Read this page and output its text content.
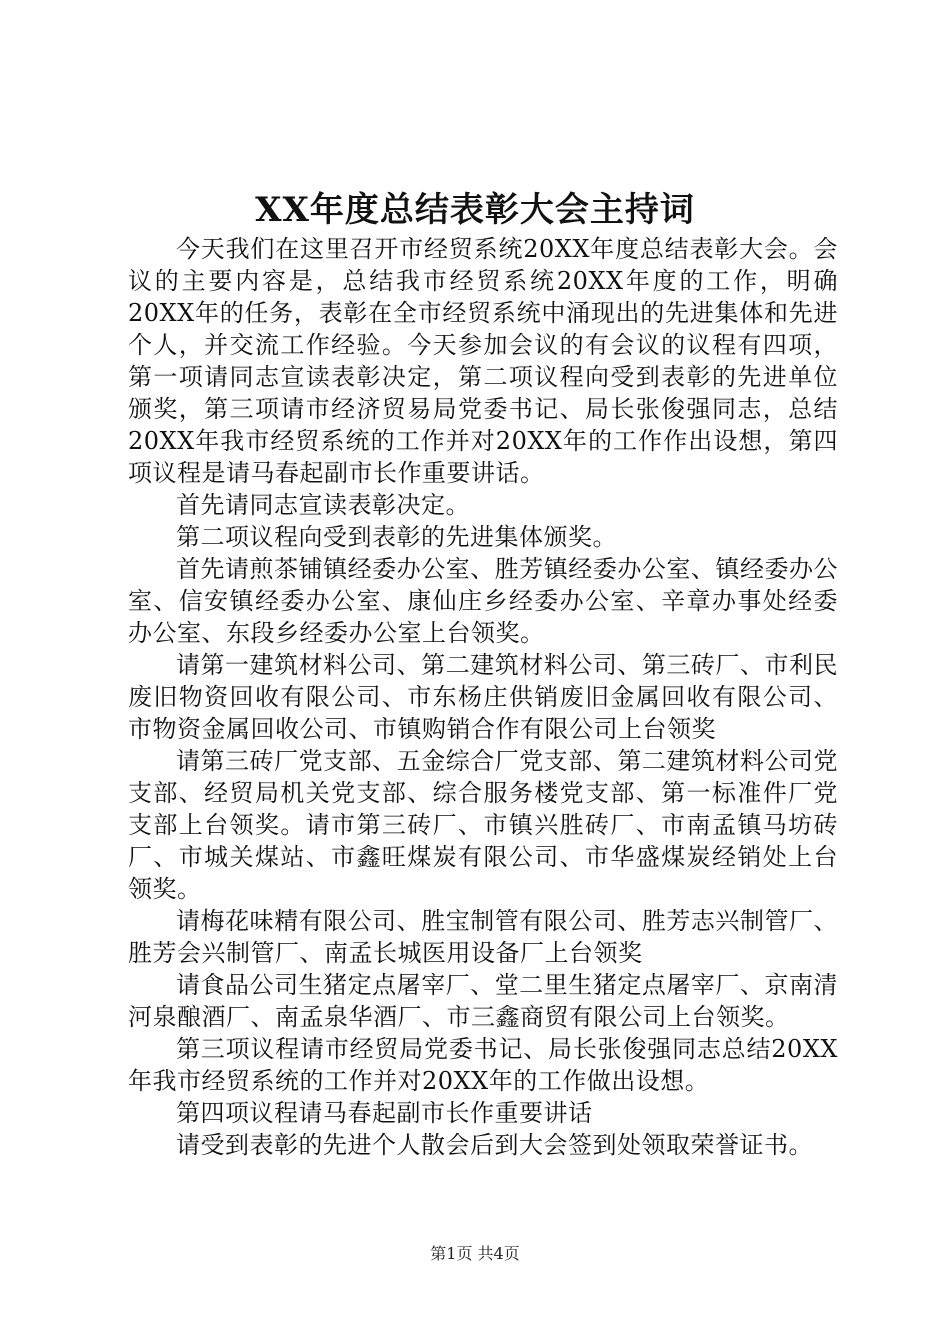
XX年度总结表彰大会主持词

今天我们在这里召开市经贸系统20XX年度总结表彰大会。会议的主要内容是，总结我市经贸系统20XX年度的工作，明确20XX年的任务，表彰在全市经贸系统中涌现出的先进集体和先进个人，并交流工作经验。今天参加会议的有会议的议程有四项，第一项请同志宣读表彰决定，第二项议程向受到表彰的先进单位颁奖，第三项请市经济贸易局党委书记、局长张俊强同志，总结20XX年我市经贸系统的工作并对20XX年的工作作出设想，第四项议程是请马春起副市长作重要讲话。

首先请同志宣读表彰决定。

第二项议程向受到表彰的先进集体颁奖。

首先请煎茶铺镇经委办公室、胜芳镇经委办公室、镇经委办公室、信安镇经委办公室、康仙庄乡经委办公室、辛章办事处经委办公室、东段乡经委办公室上台领奖。

请第一建筑材料公司、第二建筑材料公司、第三砖厂、市利民废旧物资回收有限公司、市东杨庄供销废旧金属回收有限公司、市物资金属回收公司、市镇购销合作有限公司上台领奖

请第三砖厂党支部、五金综合厂党支部、第二建筑材料公司党支部、经贸局机关党支部、综合服务楼党支部、第一标准件厂党支部上台领奖。请市第三砖厂、市镇兴胜砖厂、市南孟镇马坊砖厂、市城关煤站、市鑫旺煤炭有限公司、市华盛煤炭经销处上台领奖。

请梅花味精有限公司、胜宝制管有限公司、胜芳志兴制管厂、胜芳会兴制管厂、南孟长城医用设备厂上台领奖

请食品公司生猪定点屠宰厂、堂二里生猪定点屠宰厂、京南清河泉酿酒厂、南孟泉华酒厂、市三鑫商贸有限公司上台领奖。

第三项议程请市经贸局党委书记、局长张俊强同志总结20XX年我市经贸系统的工作并对20XX年的工作做出设想。

第四项议程请马春起副市长作重要讲话

请受到表彰的先进个人散会后到大会签到处领取荣誉证书。

第1页 共4页
